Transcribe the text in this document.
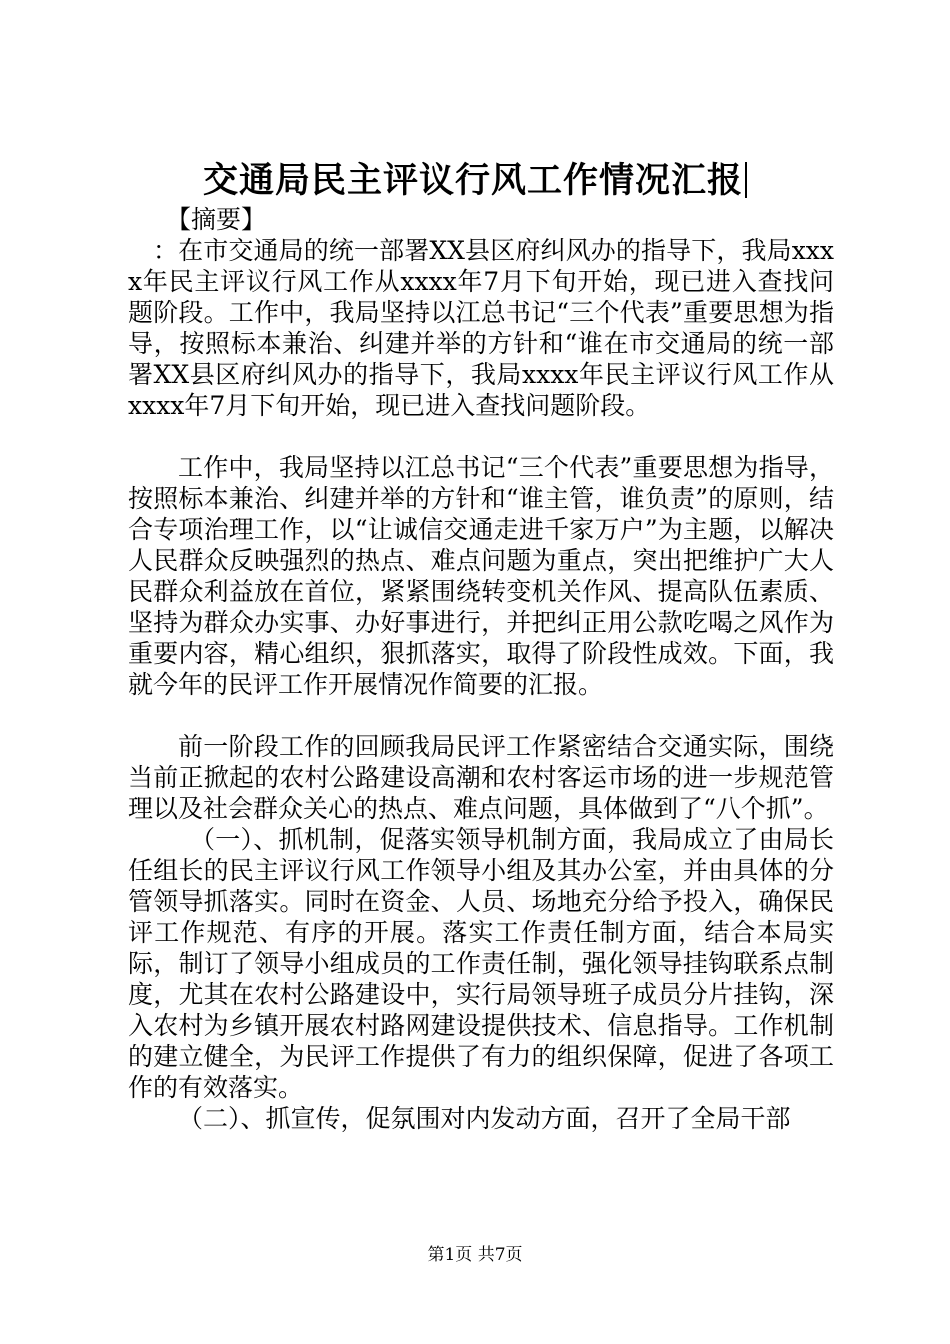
交通局民主评议行风工作情况汇报

【摘要】

：在市交通局的统一部署XX县区府纠风办的指导下，我局xxxx年民主评议行风工作从xxxx年7月下旬开始，现已进入查找问题阶段。工作中，我局坚持以江总书记“三个代表”重要思想为指导，按照标本兼治、纠建并举的方针和“谁在市交通局的统一部署XX县区府纠风办的指导下，我局xxxx年民主评议行风工作从xxxx年7月下旬开始，现已进入查找问题阶段。

工作中，我局坚持以江总书记“三个代表”重要思想为指导，按照标本兼治、纠建并举的方针和“谁主管，谁负责”的原则，结合专项治理工作，以“让诚信交通走进千家万户”为主题，以解决人民群众反映强烈的热点、难点问题为重点，突出把维护广大人民群众利益放在首位，紧紧围绕转变机关作风、提高队伍素质、坚持为群众办实事、办好事进行，并把纠正用公款吃喝之风作为重要内容，精心组织，狠抓落实，取得了阶段性成效。下面，我就今年的民评工作开展情况作简要的汇报。

前一阶段工作的回顾我局民评工作紧密结合交通实际，围绕当前正掀起的农村公路建设高潮和农村客运市场的进一步规范管理以及社会群众关心的热点、难点问题，具体做到了“八个抓”。

（一）、抓机制，促落实领导机制方面，我局成立了由局长任组长的民主评议行风工作领导小组及其办公室，并由具体的分管领导抓落实。同时在资金、人员、场地充分给予投入，确保民评工作规范、有序的开展。落实工作责任制方面，结合本局实际，制订了领导小组成员的工作责任制，强化领导挂钩联系点制度，尤其在农村公路建设中，实行局领导班子成员分片挂钩，深入农村为乡镇开展农村路网建设提供技术、信息指导。工作机制的建立健全，为民评工作提供了有力的组织保障，促进了各项工作的有效落实。

（二）、抓宣传，促氛围对内发动方面，召开了全局干部

第1页 共7页
